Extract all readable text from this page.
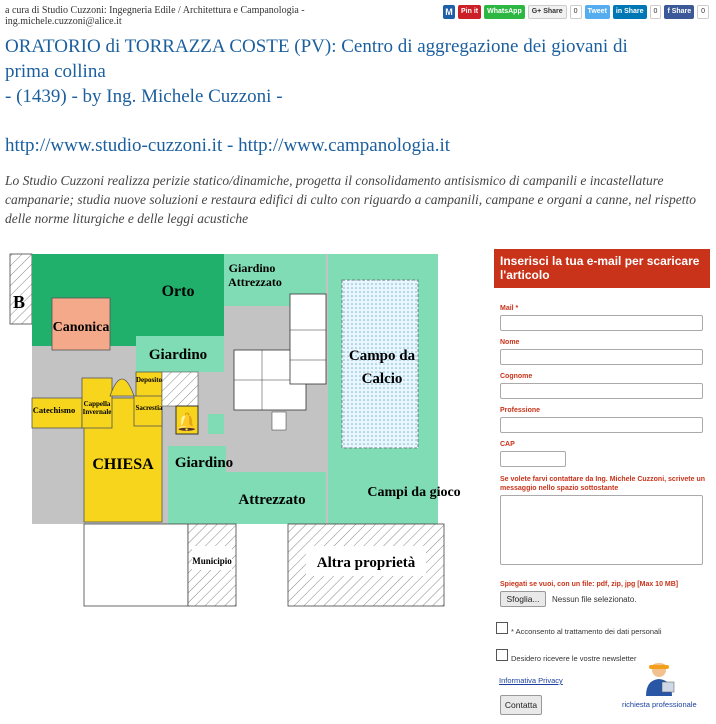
a cura di Studio Cuzzoni: Ingegneria Edile / Architettura e Campanologia - ing.michele.cuzzoni@alice.it
M	Pin it	WhatsApp	G+ Share	0	Tweet	in Share	0	f Share	0
ORATORIO di TORRAZZA COSTE (PV): Centro di aggregazione dei giovani di
prima collina
- (1439) - by Ing. Michele Cuzzoni -
http://www.studio-cuzzoni.it - http://www.campanologia.it
Lo Studio Cuzzoni realizza perizie statico/dinamiche, progetta il consolidamento antisismico di campanili e incastellature campanarie; studia nuove soluzioni e restaura edifici di culto con riguardo a campanili, campane e organi a canne, nel rispetto delle norme liturgiche e delle leggi acustiche
🔔
B
Orto
Canonica
Giardino
Giardino
Attrezzato
Campo da
Calcio
Deposito
Catechismo
Cappella
Invernale	Sacrestia
CHIESA Giardino
Attrezzato	Campi da gioco
Municipio	Altra proprietà
Inserisci la tua e-mail per scaricare l'articolo
Mail *
Nome
Cognome
Professione
CAP
Se volete farvi contattare da Ing. Michele Cuzzoni, scrivete un messaggio nello spazio sottostante
Spiegati se vuoi, con un file: pdf, zip, jpg [Max 10 MB]
Sfoglia...	Nessun file selezionato.
* Acconsento al trattamento dei dati personali
Desidero ricevere le vostre newsletter
Informativa Privacy
richiesta professionale
Contatta
